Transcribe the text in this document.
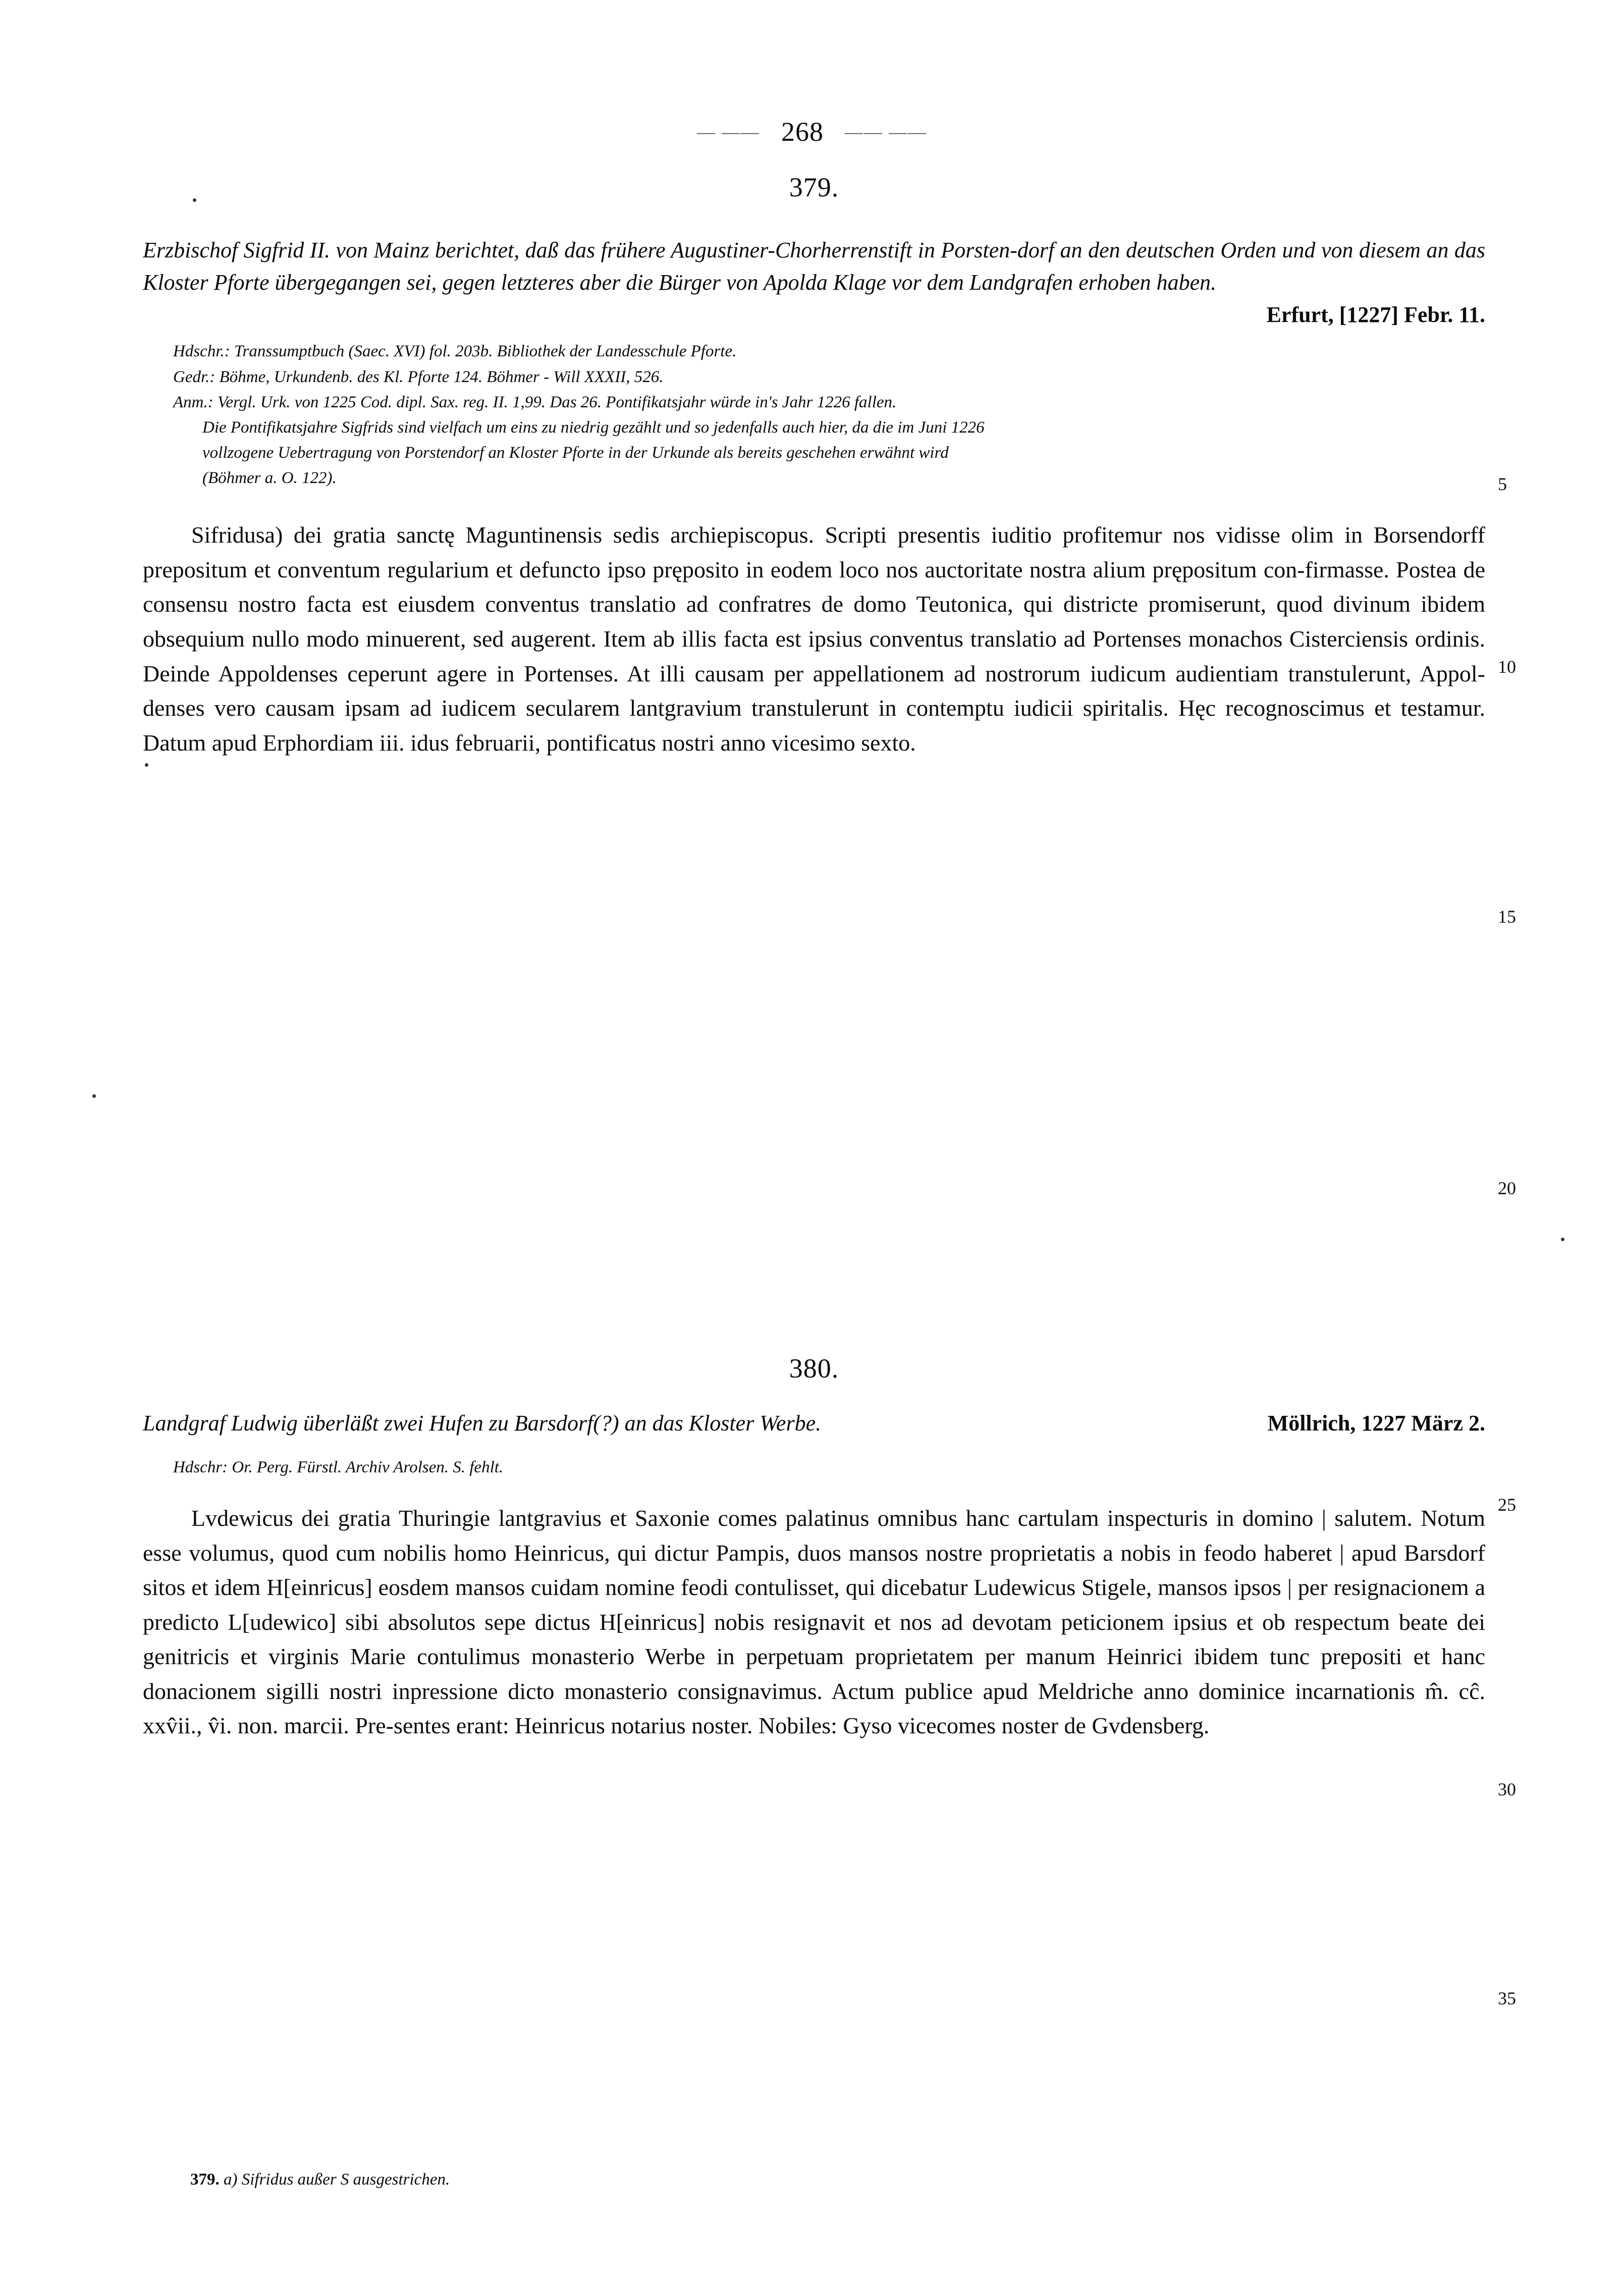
— —— 268 —— ——
379.
Erzbischof Sigfrid II. von Mainz berichtet, daß das frühere Augustiner-Chorherrenstift in Porsten-dorf an den deutschen Orden und von diesem an das Kloster Pforte übergegangen sei, gegen letzteres aber die Bürger von Apolda Klage vor dem Landgrafen erhoben haben.
Erfurt, [1227] Febr. 11.
Hdschr.: Transsumptbuch (Saec. XVI) fol. 203b. Bibliothek der Landesschule Pforte.
Gedr.: Böhme, Urkundenb. des Kl. Pforte 124. Böhmer - Will XXXII, 526.
Anm.: Vergl. Urk. von 1225 Cod. dipl. Sax. reg. II. 1,99. Das 26. Pontifikatsjahr würde in's Jahr 1226 fallen.
Die Pontifikatsjahre Sigfrids sind vielfach um eins zu niedrig gezählt und so jedenfalls auch hier, da die im Juni 1226
vollzogene Uebertragung von Porstendorf an Kloster Pforte in der Urkunde als bereits geschehen erwähnt wird
(Böhmer a. O. 122).

Sifridusa) dei gratia sanctę Maguntinensis sedis archiepiscopus. Scripti presentis iuditio profitemur nos vidisse olim in Borsendorff prepositum et conventum regularium et defuncto ipso pręposito in eodem loco nos auctoritate nostra alium prępositum con-firmasse. Postea de consensu nostro facta est eiusdem conventus translatio ad confratres de domo Teutonica, qui districte promiserunt, quod divinum ibidem obsequium nullo modo minuerent, sed augerent. Item ab illis facta est ipsius conventus translatio ad Portenses monachos Cisterciensis ordinis. Deinde Appoldenses ceperunt agere in Portenses. At illi causam per appellationem ad nostrorum iudicum audientiam transtulerunt, Appol-denses vero causam ipsam ad iudicem secularem lantgravium transtulerunt in contemptu iudicii spiritalis. Hęc recognoscimus et testamur. Datum apud Erphordiam iii. idus februarii, pontificatus nostri anno vicesimo sexto.

380.
Landgraf Ludwig überläßt zwei Hufen zu Barsdorf(?) an das Kloster Werbe.	Möllrich, 1227 März 2.
Hdschr: Or. Perg. Fürstl. Archiv Arolsen. S. fehlt.

Lvdewicus dei gratia Thuringie lantgravius et Saxonie comes palatinus omnibus hanc cartulam inspecturis in domino | salutem. Notum esse volumus, quod cum nobilis homo Heinricus, qui dictur Pampis, duos mansos nostre proprietatis a nobis in feodo haberet | apud Barsdorf sitos et idem H[einricus] eosdem mansos cuidam nomine feodi contulisset, qui dicebatur Ludewicus Stigele, mansos ipsos | per resignacionem a predicto L[udewico] sibi absolutos sepe dictus H[einricus] nobis resignavit et nos ad devotam peticionem ipsius et ob respectum beate dei genitricis et virginis Marie contulimus monasterio Werbe in perpetuam proprietatem per manum Heinrici ibidem tunc prepositi et hanc donacionem sigilli nostri inpressione dicto monasterio consignavimus. Actum publice apud Meldriche anno dominice incarnationis m̂. cĉ. xxv̂ii., v̂i. non. marcii. Pre-sentes erant: Heinricus notarius noster. Nobiles: Gyso vicecomes noster de Gvdensberg.

379. a) Sifridus außer S ausgestrichen.
5
10
15
20
25
30
35
